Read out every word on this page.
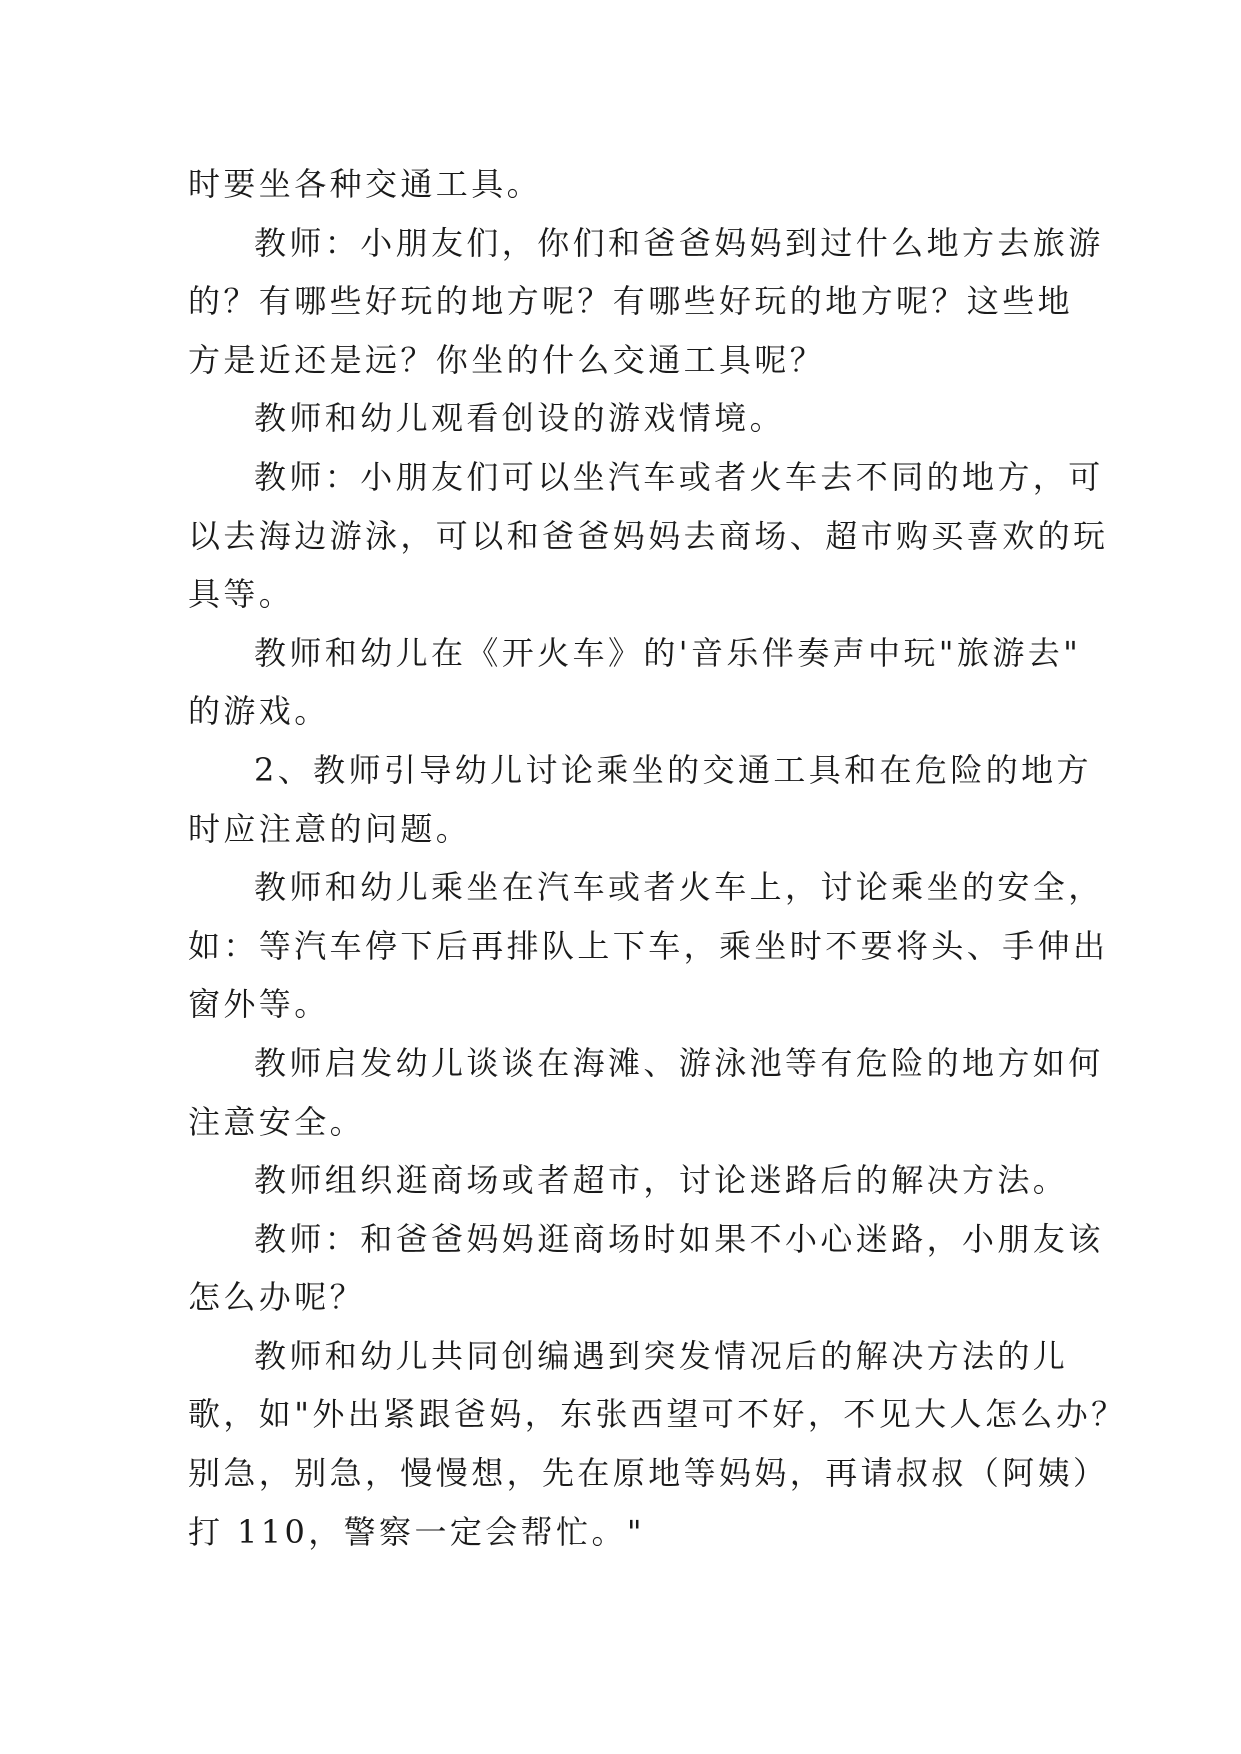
时要坐各种交通工具。
教师：小朋友们，你们和爸爸妈妈到过什么地方去旅游
的？有哪些好玩的地方呢？有哪些好玩的地方呢？这些地
方是近还是远？你坐的什么交通工具呢？
教师和幼儿观看创设的游戏情境。
教师：小朋友们可以坐汽车或者火车去不同的地方，可
以去海边游泳，可以和爸爸妈妈去商场、超市购买喜欢的玩
具等。
教师和幼儿在《开火车》的'音乐伴奏声中玩"旅游去"
的游戏。
2、教师引导幼儿讨论乘坐的交通工具和在危险的地方
时应注意的问题。
教师和幼儿乘坐在汽车或者火车上，讨论乘坐的安全，
如：等汽车停下后再排队上下车，乘坐时不要将头、手伸出
窗外等。
教师启发幼儿谈谈在海滩、游泳池等有危险的地方如何
注意安全。
教师组织逛商场或者超市，讨论迷路后的解决方法。
教师：和爸爸妈妈逛商场时如果不小心迷路，小朋友该
怎么办呢？
教师和幼儿共同创编遇到突发情况后的解决方法的儿
歌，如"外出紧跟爸妈，东张西望可不好，不见大人怎么办？
别急，别急，慢慢想，先在原地等妈妈，再请叔叔（阿姨）
打 110，警察一定会帮忙。"
